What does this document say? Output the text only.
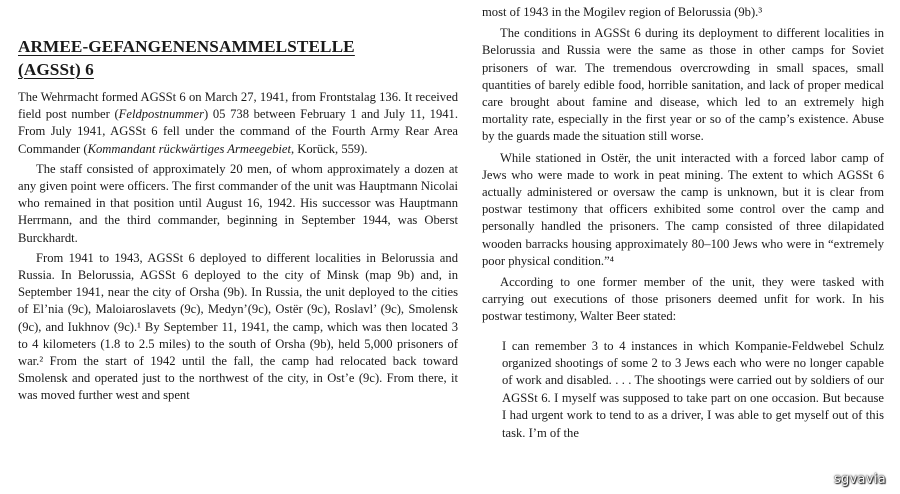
ARMEE-GEFANGENENSAMMELSTELLE
(AGSSt) 6

The Wehrmacht formed AGSSt 6 on March 27, 1941, from Frontstalag 136. It received field post number (Feldpostnummer) 05 738 between February 1 and July 11, 1941. From July 1941, AGSSt 6 fell under the command of the Fourth Army Rear Area Commander (Kommandant rückwärtiges Armeegebiet, Korück, 559).

The staff consisted of approximately 20 men, of whom approximately a dozen at any given point were officers. The first commander of the unit was Hauptmann Nicolai who remained in that position until August 16, 1942. His successor was Hauptmann Herrmann, and the third commander, beginning in September 1944, was Oberst Burckhardt.

From 1941 to 1943, AGSSt 6 deployed to different localities in Belorussia and Russia. In Belorussia, AGSSt 6 deployed to the city of Minsk (map 9b) and, in September 1941, near the city of Orsha (9b). In Russia, the unit deployed to the cities of El’nia (9c), Maloiaroslavets (9c), Medyn’(9c), Ostër (9c), Roslavl’ (9c), Smolensk (9c), and Iukhnov (9c).¹ By September 11, 1941, the camp, which was then located 3 to 4 kilometers (1.8 to 2.5 miles) to the south of Orsha (9b), held 5,000 prisoners of war.² From the start of 1942 until the fall, the camp had relocated back toward Smolensk and operated just to the northwest of the city, in Ost’e (9c). From there, it was moved further west and spent

most of 1943 in the Mogilev region of Belorussia (9b).³

The conditions in AGSSt 6 during its deployment to different localities in Belorussia and Russia were the same as those in other camps for Soviet prisoners of war. The tremendous overcrowding in small spaces, small quantities of barely edible food, horrible sanitation, and lack of proper medical care brought about famine and disease, which led to an extremely high mortality rate, especially in the first year or so of the camp’s existence. Abuse by the guards made the situation still worse.

While stationed in Ostër, the unit interacted with a forced labor camp of Jews who were made to work in peat mining. The extent to which AGSSt 6 actually administered or oversaw the camp is unknown, but it is clear from postwar testimony that officers exhibited some control over the camp and personally handled the prisoners. The camp consisted of three dilapidated wooden barracks housing approximately 80–100 Jews who were in “extremely poor physical condition.”⁴

According to one former member of the unit, they were tasked with carrying out executions of those prisoners deemed unfit for work. In his postwar testimony, Walter Beer stated:

I can remember 3 to 4 instances in which Kompanie-Feldwebel Schulz organized shootings of some 2 to 3 Jews each who were no longer capable of work and disabled. . . . The shootings were carried out by soldiers of our AGSSt 6. I myself was supposed to take part on one occasion. But because I had urgent work to tend to as a driver, I was able to get myself out of this task. I’m of the
sgvavia
